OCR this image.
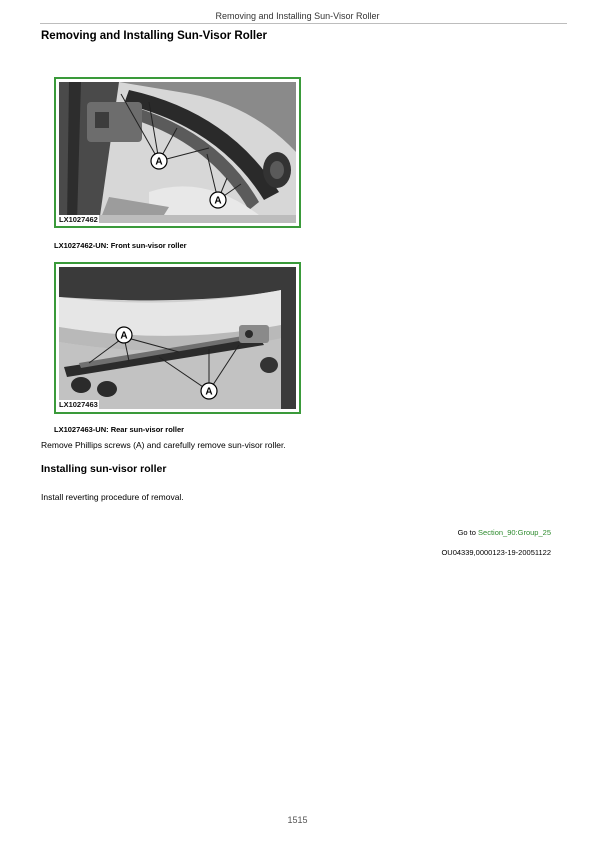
Removing and Installing Sun-Visor Roller
Removing and Installing Sun-Visor Roller
A
A
LX1027462
LX1027462-UN: Front sun-visor roller
A
A
LX1027463
LX1027463-UN: Rear sun-visor roller

Remove Phillips screws (A) and carefully remove sun-visor roller.

Installing sun-visor roller

Install reverting procedure of removal.

Go to Section_90:Group_25
OU04339,0000123-19-20051122
1515
